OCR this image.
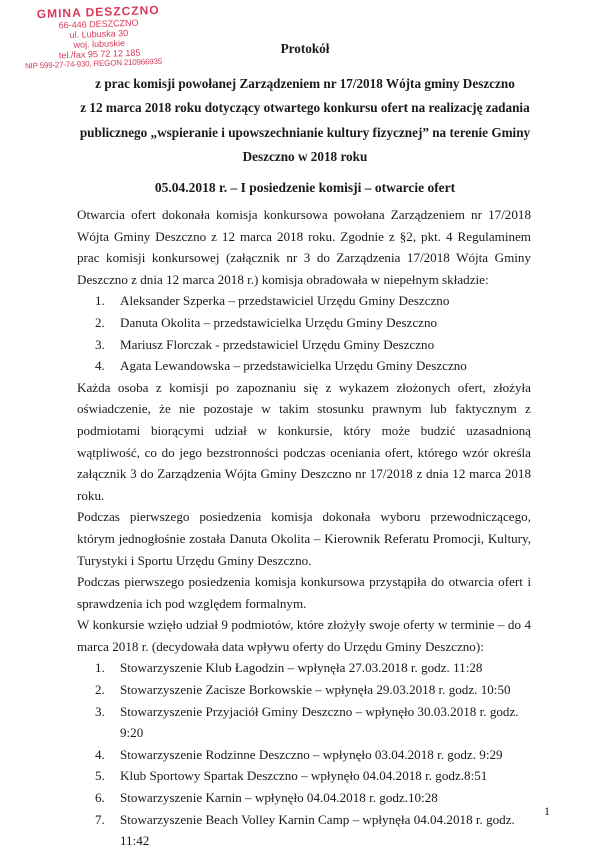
GMINA DESZCZNO
66-446 DESZCZNO
ul. Lubuska 30
woj. lubuskie
tel./fax 95 72 12 185
NIP 599-27-74-930, REGON 210966935
Protokół
z prac komisji powołanej Zarządzeniem nr 17/2018 Wójta gminy Deszczno
z 12 marca 2018 roku dotyczący otwartego konkursu ofert na realizację zadania
publicznego „wspieranie i upowszechnianie kultury fizycznej” na terenie Gminy
Deszczno w 2018 roku
05.04.2018 r. – I posiedzenie komisji – otwarcie ofert

Otwarcia ofert dokonała komisja konkursowa powołana Zarządzeniem nr 17/2018 Wójta Gminy Deszczno z 12 marca 2018 roku. Zgodnie z §2, pkt. 4 Regulaminem prac komisji konkursowej (załącznik nr 3 do Zarządzenia 17/2018 Wójta Gminy Deszczno z dnia 12 marca 2018 r.) komisja obradowała w niepełnym składzie:

1.	Aleksander Szperka – przedstawiciel Urzędu Gminy Deszczno
2.	Danuta Okolita – przedstawicielka Urzędu Gminy Deszczno
3.	Mariusz Florczak - przedstawiciel Urzędu Gminy Deszczno
4.	Agata Lewandowska – przedstawicielka Urzędu Gminy Deszczno

Każda osoba z komisji po zapoznaniu się z wykazem złożonych ofert, złożyła oświadczenie, że nie pozostaje w takim stosunku prawnym lub faktycznym z podmiotami biorącymi udział w konkursie, który może budzić uzasadnioną wątpliwość, co do jego bezstronności podczas oceniania ofert, którego wzór określa załącznik 3 do Zarządzenia Wójta Gminy Deszczno nr 17/2018 z dnia 12 marca 2018 roku.

Podczas pierwszego posiedzenia komisja dokonała wyboru przewodniczącego, którym jednogłośnie została Danuta Okolita – Kierownik Referatu Promocji, Kultury, Turystyki i Sportu Urzędu Gminy Deszczno.

Podczas pierwszego posiedzenia komisja konkursowa przystąpiła do otwarcia ofert i sprawdzenia ich pod względem formalnym.

W konkursie wzięło udział 9 podmiotów, które złożyły swoje oferty w terminie – do 4 marca 2018 r. (decydowała data wpływu oferty do Urzędu Gminy Deszczno):

1.	Stowarzyszenie Klub Łagodzin – wpłynęła 27.03.2018 r. godz. 11:28
2.	Stowarzyszenie Zacisze Borkowskie – wpłynęła 29.03.2018 r. godz. 10:50
3.	Stowarzyszenie Przyjaciół Gminy Deszczno – wpłynęło 30.03.2018 r. godz. 9:20
4.	Stowarzyszenie Rodzinne Deszczno – wpłynęło 03.04.2018 r. godz. 9:29
5.	Klub Sportowy Spartak Deszczno – wpłynęło 04.04.2018 r. godz.8:51
6.	Stowarzyszenie Karnin – wpłynęło 04.04.2018 r. godz.10:28
7.	Stowarzyszenie Beach Volley Karnin Camp – wpłynęła 04.04.2018 r. godz. 11:42
1
